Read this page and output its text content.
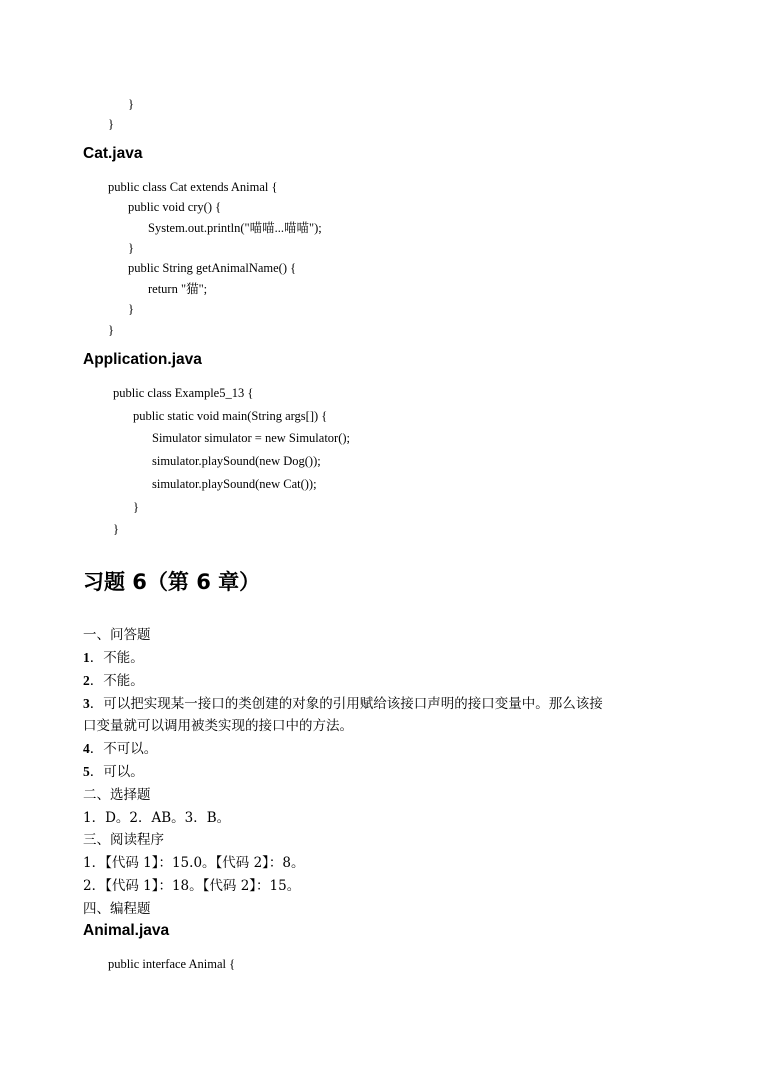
}
}
Cat.java
public class Cat extends Animal {
public void cry() {
System.out.println("喵喵...喵喵");
}
public String getAnimalName() {
return "猫";
}
}
Application.java
public class Example5_13 {
public static void main(String args[]) {
Simulator simulator = new Simulator();
simulator.playSound(new Dog());
simulator.playSound(new Cat());
}
}
习题 6（第 6 章）
一、问答题
1．不能。
2．不能。
3．可以把实现某一接口的类创建的对象的引用赋给该接口声明的接口变量中。那么该接
口变量就可以调用被类实现的接口中的方法。
4．不可以。
5．可以。
二、选择题
1．D。2．AB。3．B。
三、阅读程序
1．【代码 1】：15.0。【代码 2】：8。
2．【代码 1】：18。【代码 2】：15。
四、编程题
Animal.java
public interface Animal {
